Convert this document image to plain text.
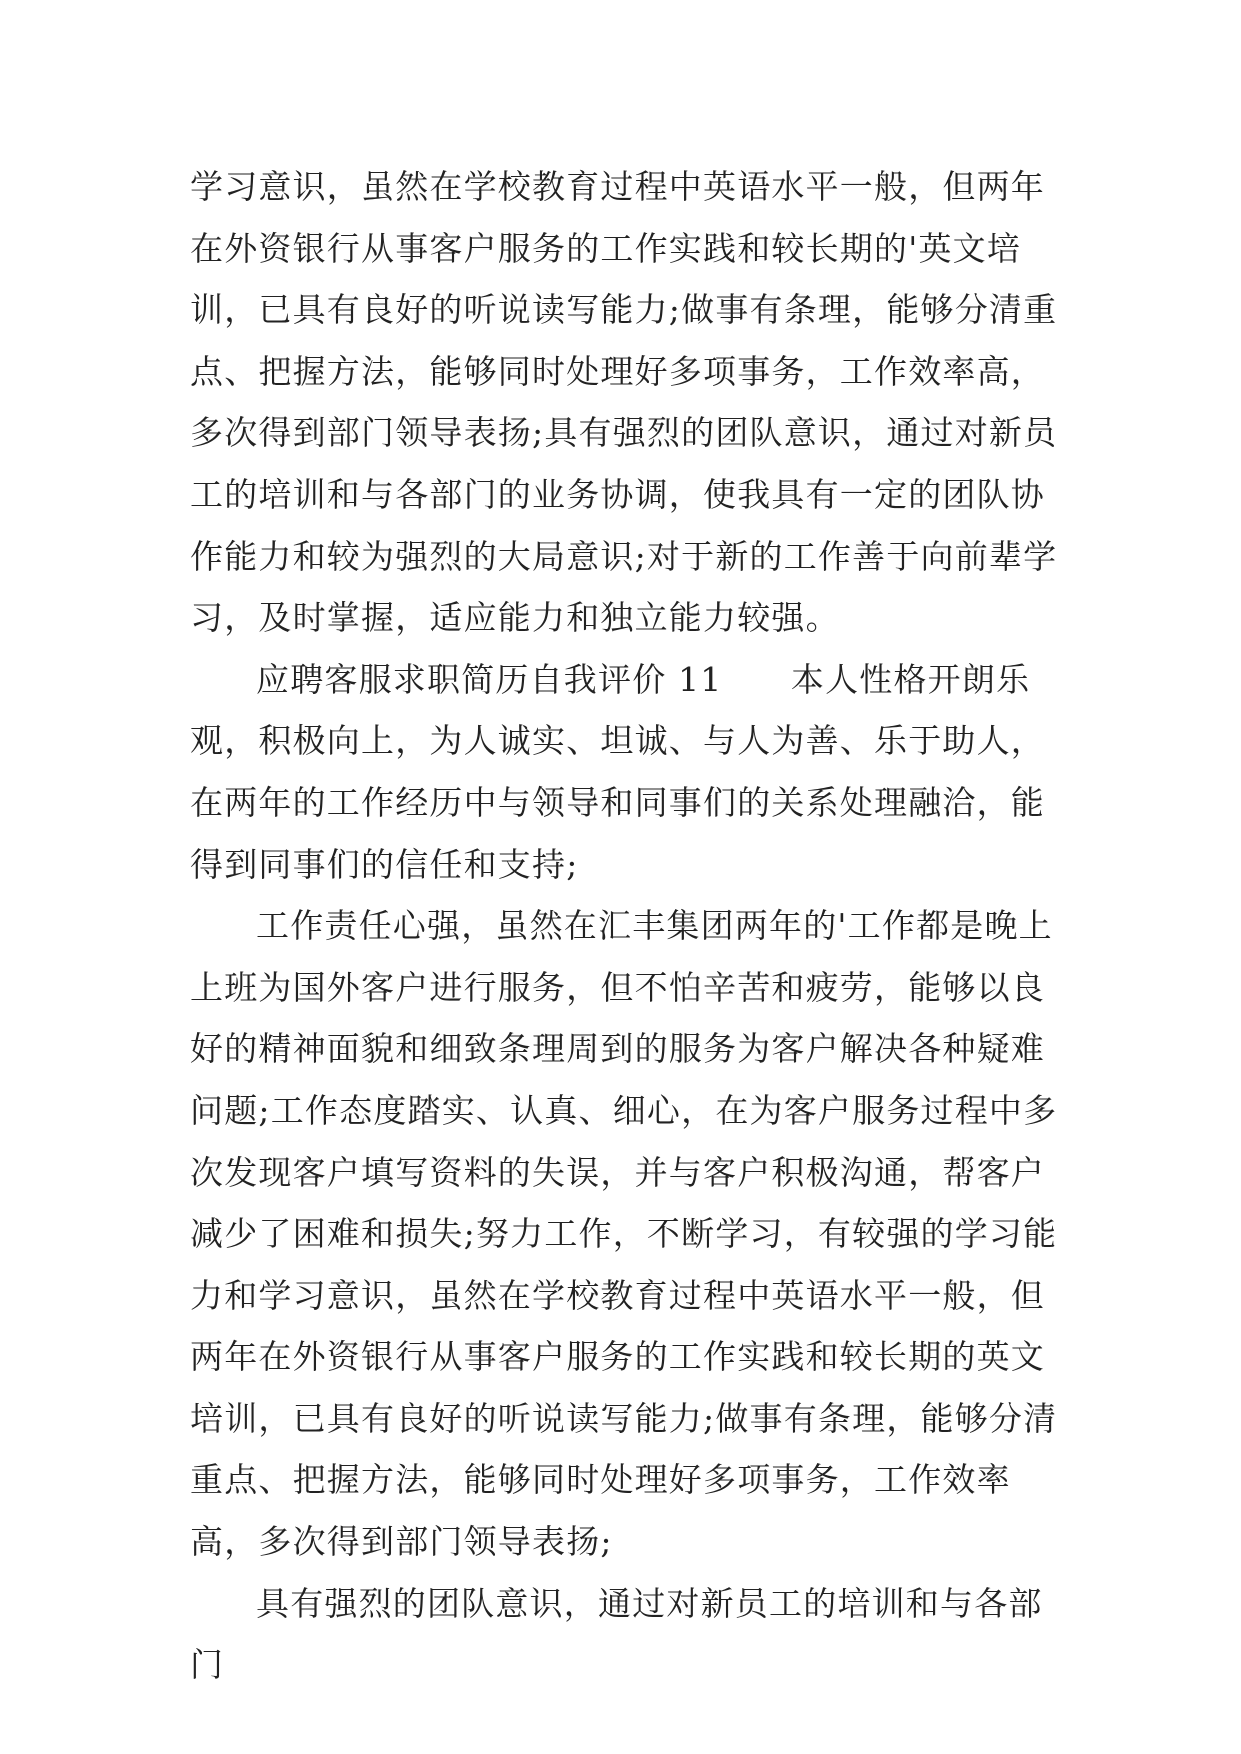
学习意识，虽然在学校教育过程中英语水平一般，但两年在外资银行从事客户服务的工作实践和较长期的'英文培训，已具有良好的听说读写能力;做事有条理，能够分清重点、把握方法，能够同时处理好多项事务，工作效率高，多次得到部门领导表扬;具有强烈的团队意识，通过对新员工的培训和与各部门的业务协调，使我具有一定的团队协作能力和较为强烈的大局意识;对于新的工作善于向前辈学习，及时掌握，适应能力和独立能力较强。

应聘客服求职简历自我评价 11　　本人性格开朗乐观，积极向上，为人诚实、坦诚、与人为善、乐于助人，在两年的工作经历中与领导和同事们的关系处理融洽，能得到同事们的信任和支持;

工作责任心强，虽然在汇丰集团两年的'工作都是晚上上班为国外客户进行服务，但不怕辛苦和疲劳，能够以良好的精神面貌和细致条理周到的服务为客户解决各种疑难问题;工作态度踏实、认真、细心，在为客户服务过程中多次发现客户填写资料的失误，并与客户积极沟通，帮客户减少了困难和损失;努力工作，不断学习，有较强的学习能力和学习意识，虽然在学校教育过程中英语水平一般，但两年在外资银行从事客户服务的工作实践和较长期的英文培训，已具有良好的听说读写能力;做事有条理，能够分清重点、把握方法，能够同时处理好多项事务，工作效率高，多次得到部门领导表扬;

具有强烈的团队意识，通过对新员工的培训和与各部门
